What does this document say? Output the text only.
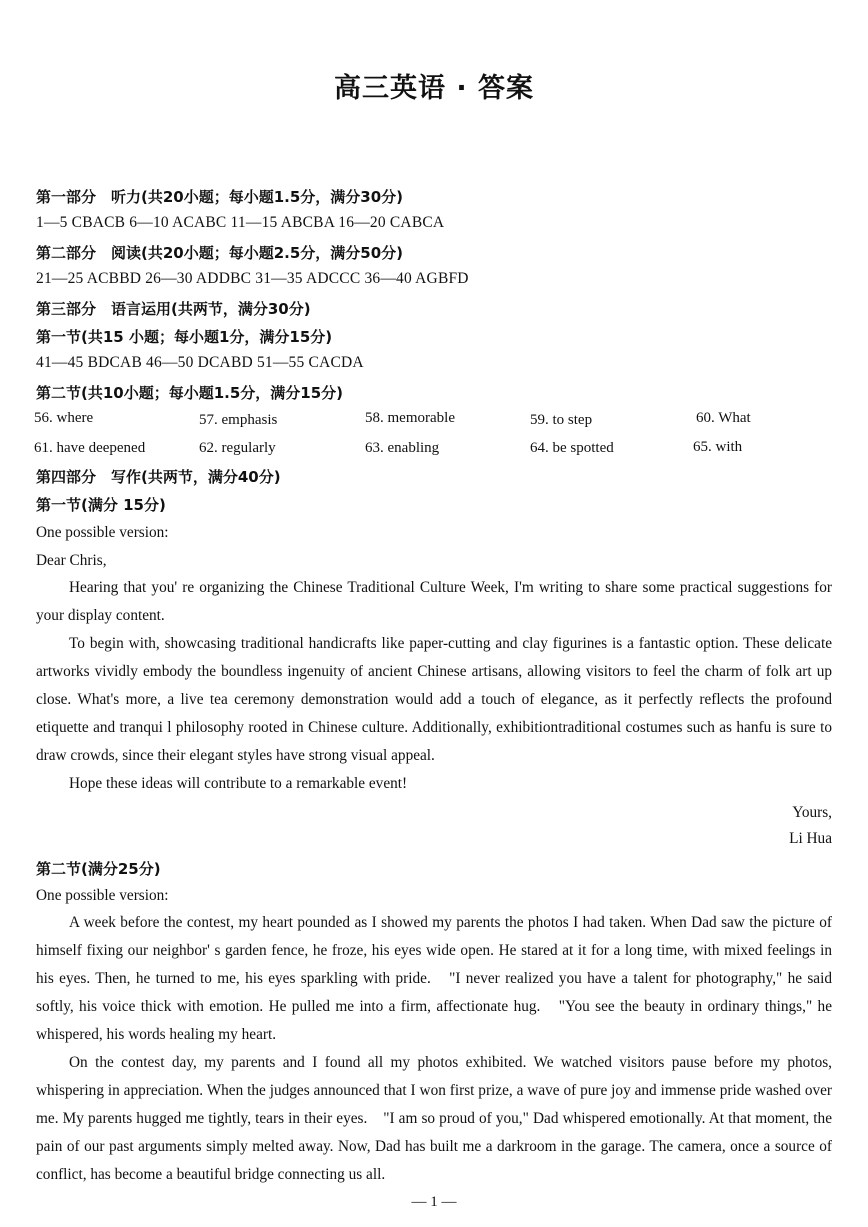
高三英语 · 答案
第一部分　听力(共20小题；每小题1.5分，满分30分)
1—5 CBACB 6—10 ACABC 11—15 ABCBA 16—20 CABCA
第二部分　阅读(共20小题；每小题2.5分，满分50分)
21—25 ACBBD 26—30 ADDBC 31—35 ADCCC 36—40 AGBFD
第三部分　语言运用(共两节，满分30分)
第一节(共15 小题；每小题1分，满分15分)
41—45 BDCAB 46—50 DCABD 51—55 CACDA
第二节(共10小题；每小题1.5分，满分15分)
56. where	57. emphasis	58. memorable	59. to step	60. What
61. have deepened	62. regularly	63. enabling	64. be spotted	65. with
第四部分　写作(共两节，满分40分)
第一节(满分 15分)
One possible version:
Dear Chris,

Hearing that you' re organizing the Chinese Traditional Culture Week, I'm writing to share some practical suggestions for your display content.

To begin with, showcasing traditional handicrafts like paper-cutting and clay figurines is a fantastic option. These delicate artworks vividly embody the boundless ingenuity of ancient Chinese artisans, allowing visitors to feel the charm of folk art up close. What's more, a live tea ceremony demonstration would add a touch of elegance, as it perfectly reflects the profound etiquette and tranqui l philosophy rooted in Chinese culture. Additionally, exhibitiontraditional costumes such as hanfu is sure to draw crowds, since their elegant styles have strong visual appeal.

Hope these ideas will contribute to a remarkable event!

Yours,
Li Hua
第二节(满分25分)
One possible version:

A week before the contest, my heart pounded as I showed my parents the photos I had taken. When Dad saw the picture of himself fixing our neighbor' s garden fence, he froze, his eyes wide open. He stared at it for a long time, with mixed feelings in his eyes. Then, he turned to me, his eyes sparkling with pride.　"I never realized you have a talent for photography," he said softly, his voice thick with emotion. He pulled me into a firm, affectionate hug.　"You see the beauty in ordinary things," he whispered, his words healing my heart.

On the contest day, my parents and I found all my photos exhibited. We watched visitors pause before my photos, whispering in appreciation. When the judges announced that I won first prize, a wave of pure joy and immense pride washed over me. My parents hugged me tightly, tears in their eyes.　"I am so proud of you," Dad whispered emotionally. At that moment, the pain of our past arguments simply melted away. Now, Dad has built me a darkroom in the garage. The camera, once a source of conflict, has become a beautiful bridge connecting us all.

— 1 —
